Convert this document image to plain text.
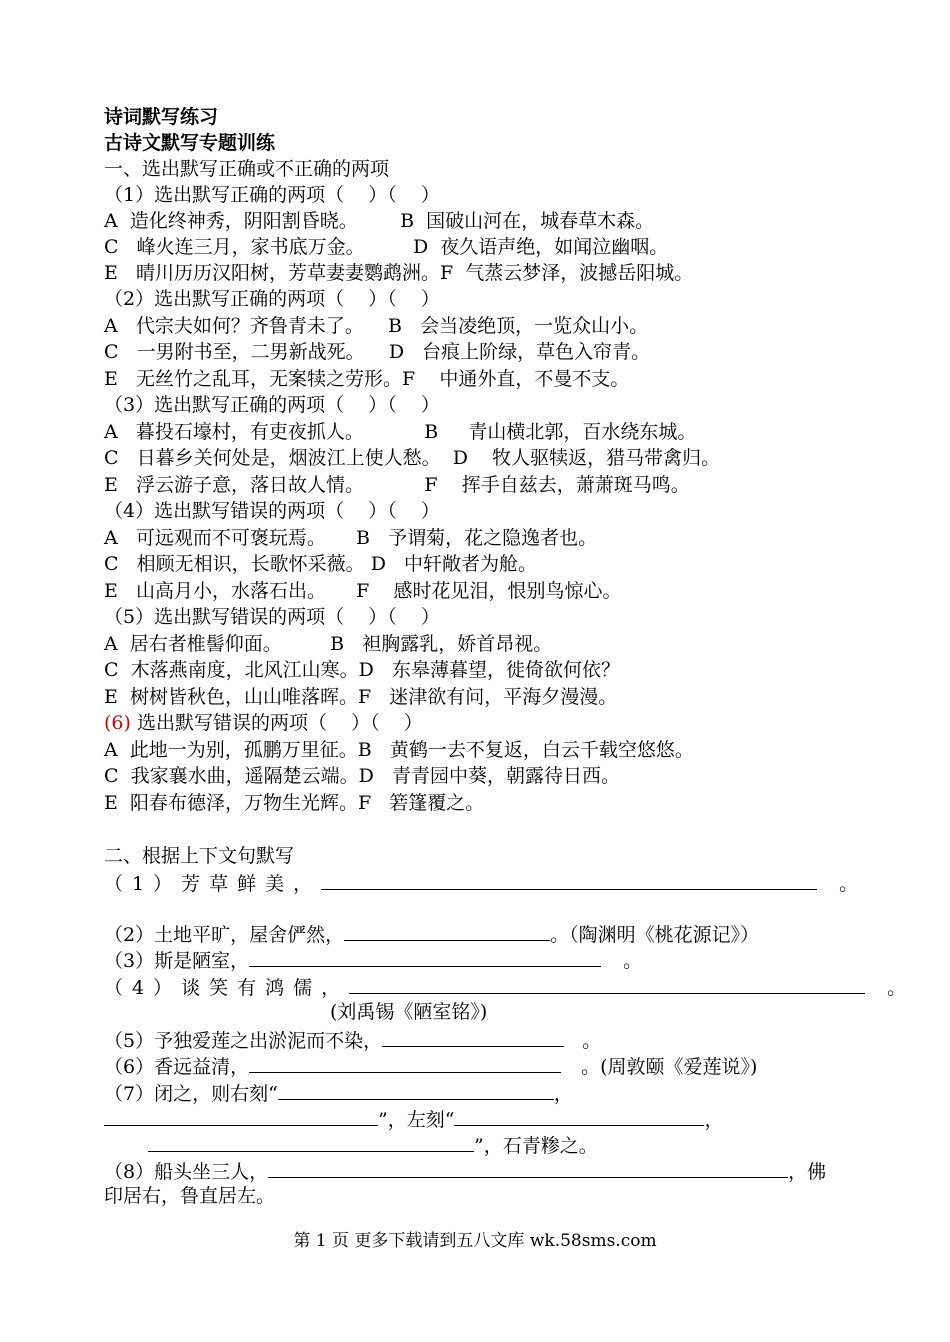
诗词默写练习

古诗文默写专题训练

一、选出默写正确或不正确的两项

（1）选出默写正确的两项（    ）（    ）

A  造化终神秀，阴阳割昏晓。       B  国破山河在，城春草木森。

C   峰火连三月，家书底万金。        D  夜久语声绝，如闻泣幽咽。

E   晴川历历汉阳树，芳草妻妻鹦鹉洲。F  气蒸云梦泽，波撼岳阳城。

（2）选出默写正确的两项（    ）（    ）

A   代宗夫如何？齐鲁青未了。    B   会当凌绝顶，一览众山小。

C   一男附书至，二男新战死。    D   台痕上阶绿，草色入帘青。

E   无丝竹之乱耳，无案犊之劳形。F    中通外直，不曼不支。

（3）选出默写正确的两项（    ）（    ）

A   暮投石壕村，有吏夜抓人。          B     青山横北郭，百水绕东城。

C   日暮乡关何处是，烟波江上使人愁。  D    牧人驱犊返，猎马带禽归。

E   浮云游子意，落日故人情。          F    挥手自兹去，萧萧斑马鸣。

（4）选出默写错误的两项（    ）（    ）

A   可远观而不可褒玩焉。     B   予谓菊，花之隐逸者也。

C   相顾无相识，长歌怀采薇。 D   中轩敞者为舱。

E   山高月小，水落石出。     F    感时花见泪，恨别鸟惊心。

（5）选出默写错误的两项（    ）（    ）

A  居右者椎髻仰面。        B   袒胸露乳，娇首昂视。

C  木落燕南度，北风江山寒。D   东皋薄暮望，徙倚欲何依？

E  树树皆秋色，山山唯落晖。F   迷津欲有问，平海夕漫漫。

(6) 选出默写错误的两项（    ）（    ）

A  此地一为别，孤鹏万里征。B   黄鹤一去不复返，白云千载空悠悠。

C  我家襄水曲，遥隔楚云端。D   青青园中葵，朝露待日西。

E  阳春布德泽，万物生光辉。F   箬篷覆之。

二、根据上下文句默写

（1）芳草鲜美，	。

（2）土地平旷，屋舍俨然，	。（陶渊明《桃花源记》）

（3）斯是陋室，	。

（4）谈笑有鸿儒，	。

(刘禹锡《陋室铭》)

（5）予独爱莲之出淤泥而不染，	。

（6）香远益清，	。(周敦颐《爱莲说》)

（7）闭之，则右刻“	，

”，左刻“	，

”，石青糁之。

（8）船头坐三人，	，佛

印居右，鲁直居左。

第 1 页 更多下载请到五八文库 wk.58sms.com
